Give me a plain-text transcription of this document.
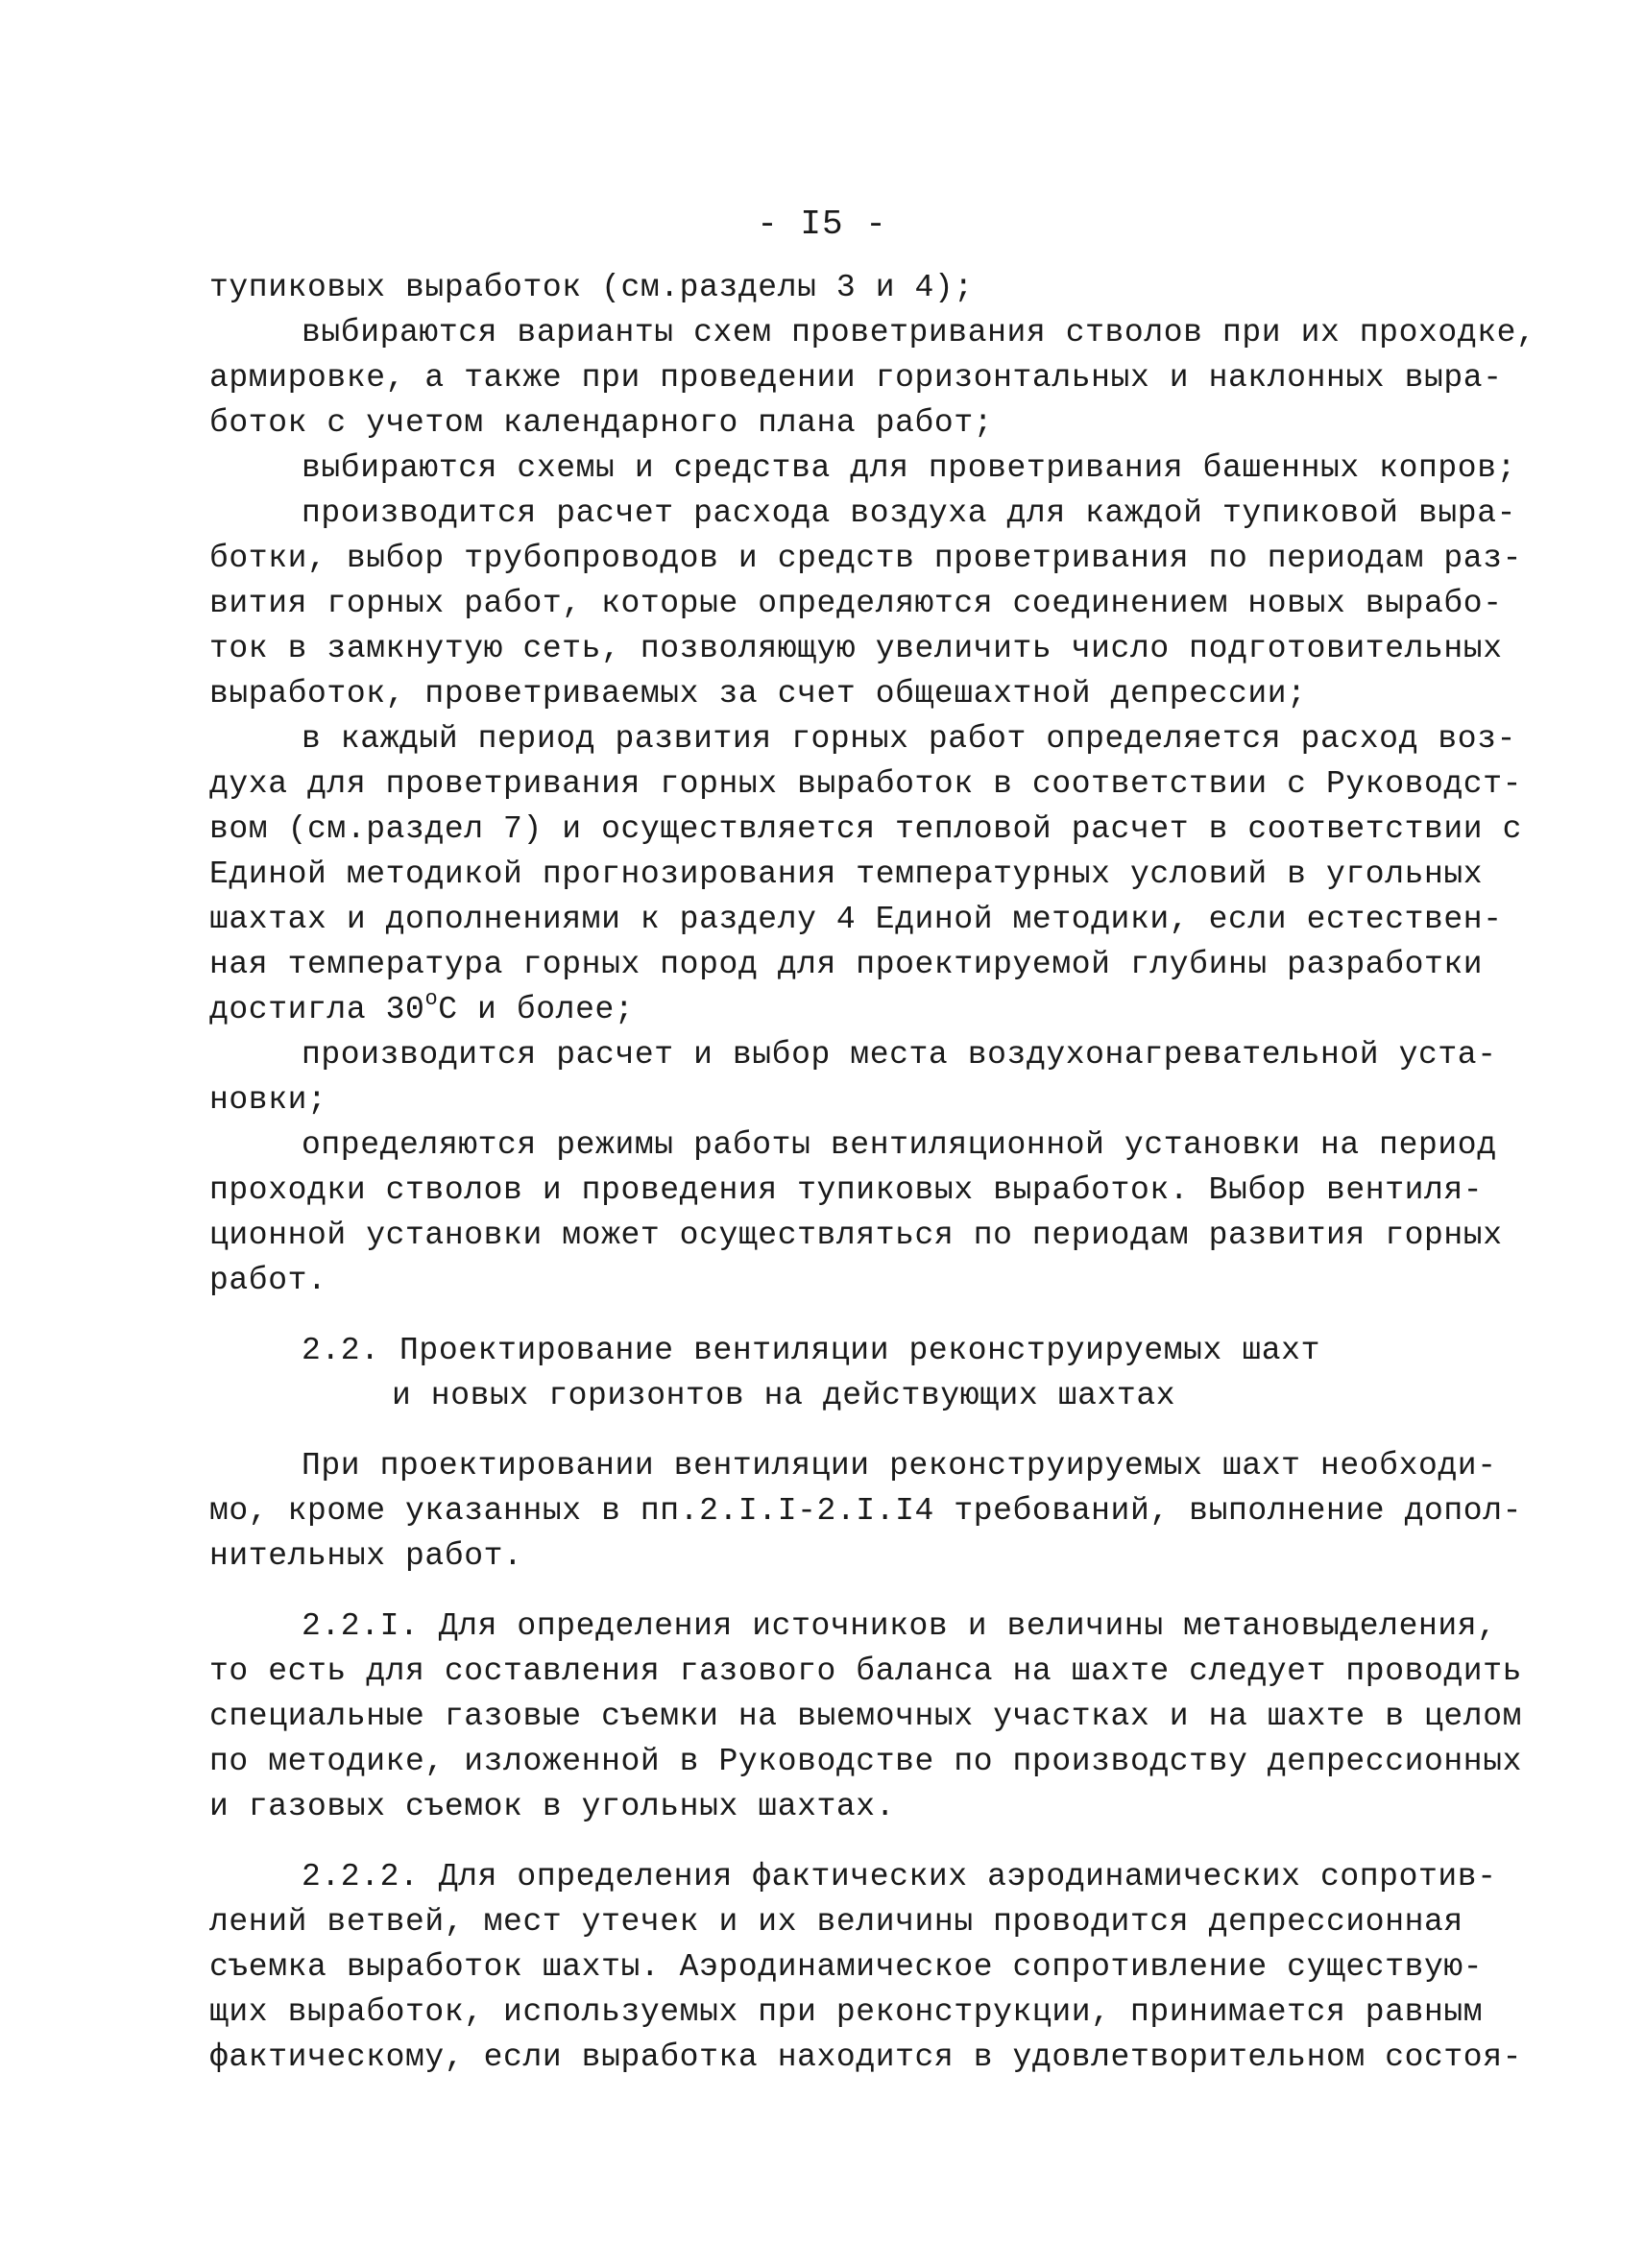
- I5 -
тупиковых выработок (см.разделы 3 и 4);
выбираются варианты схем проветривания стволов при их проходке,
армировке, а также при проведении горизонтальных и наклонных выра-
боток с учетом календарного плана работ;
выбираются схемы и средства для проветривания башенных копров;
производится расчет расхода воздуха для каждой тупиковой выра-
ботки, выбор трубопроводов и средств проветривания по периодам раз-
вития горных работ, которые определяются соединением новых вырабо-
ток в замкнутую сеть, позволяющую увеличить число подготовительных
выработок, проветриваемых за счет общешахтной депрессии;
в каждый период развития горных работ определяется расход воз-
духа для проветривания горных выработок в соответствии с Руководст-
вом (см.раздел 7) и осуществляется тепловой расчет в соответствии с
Единой методикой прогнозирования температурных условий в угольных
шахтах и дополнениями к разделу 4 Единой методики, если естествен-
ная температура горных пород для проектируемой глубины разработки
достигла $30^оС$ и более;
производится расчет и выбор места воздухонагревательной уста-
новки;
определяются режимы работы вентиляционной установки на период
проходки стволов и проведения тупиковых выработок. Выбор вентиля-
ционной установки может осуществляться по периодам развития горных
работ.
2.2. Проектирование вентиляции реконструируемых шахт
и новых горизонтов на действующих шахтах
При проектировании вентиляции реконструируемых шахт необходи-
мо, кроме указанных в пп.2.I.I-2.I.I4 требований, выполнение допол-
нительных работ.
2.2.I. Для определения источников и величины метановыделения,
то есть для составления газового баланса на шахте следует проводить
специальные газовые съемки на выемочных участках и на шахте в целом
по методике, изложенной в Руководстве по производству депрессионных
и газовых съемок в угольных шахтах.
2.2.2. Для определения фактических аэродинамических сопротив-
лений ветвей, мест утечек и их величины проводится депрессионная
съемка выработок шахты. Аэродинамическое сопротивление существую-
щих выработок, используемых при реконструкции, принимается равным
фактическому, если выработка находится в удовлетворительном состоя-
